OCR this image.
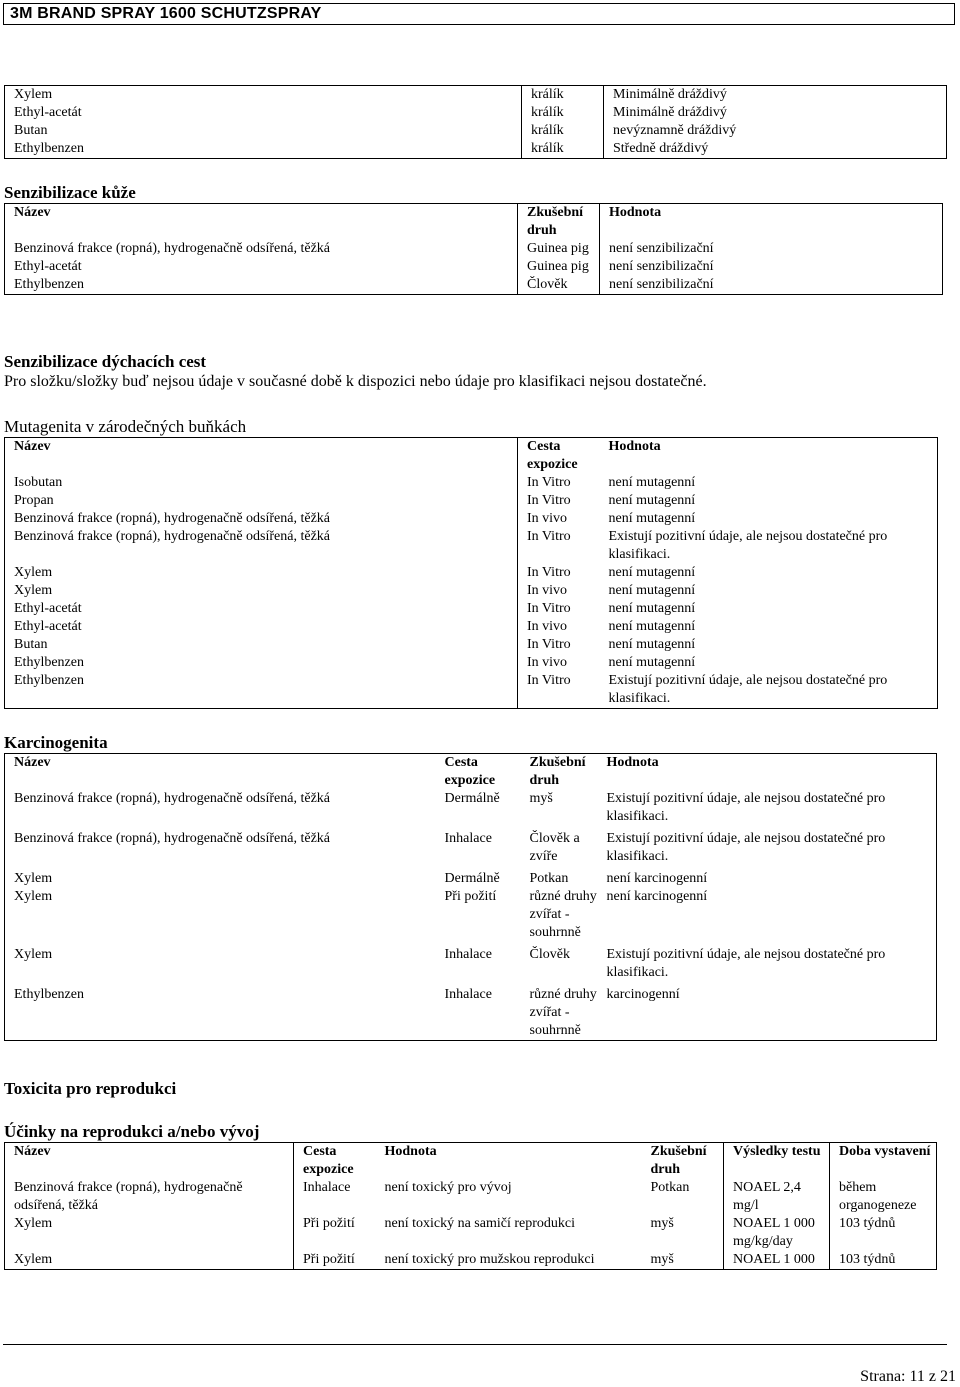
3M BRAND SPRAY 1600 SCHUTZSPRAY
Xylem	králík	Minimálně dráždivý
Ethyl-acetát	králík	Minimálně dráždivý
Butan	králík	nevýznamně dráždivý
Ethylbenzen	králík	Středně dráždivý
Senzibilizace kůže
Název	Zkušební druh	Hodnota
Benzinová frakce (ropná), hydrogenačně odsířená, těžká	Guinea pig	není senzibilizační
Ethyl-acetát	Guinea pig	není senzibilizační
Ethylbenzen	Člověk	není senzibilizační
Senzibilizace dýchacích cest
Pro složku/složky buď nejsou údaje v současné době k dispozici nebo údaje pro klasifikaci nejsou dostatečné.
Mutagenita v zárodečných buňkách
Název	Cesta expozice	Hodnota
Isobutan	In Vitro	není mutagenní
Propan	In Vitro	není mutagenní
Benzinová frakce (ropná), hydrogenačně odsířená, těžká	In vivo	není mutagenní
Benzinová frakce (ropná), hydrogenačně odsířená, těžká	In Vitro	Existují pozitivní údaje, ale nejsou dostatečné pro klasifikaci.
Xylem	In Vitro	není mutagenní
Xylem	In vivo	není mutagenní
Ethyl-acetát	In Vitro	není mutagenní
Ethyl-acetát	In vivo	není mutagenní
Butan	In Vitro	není mutagenní
Ethylbenzen	In vivo	není mutagenní
Ethylbenzen	In Vitro	Existují pozitivní údaje, ale nejsou dostatečné pro klasifikaci.
Karcinogenita
Název	Cesta expozice	Zkušební druh	Hodnota
Benzinová frakce (ropná), hydrogenačně odsířená, těžká	Dermálně	myš	Existují pozitivní údaje, ale nejsou dostatečné pro klasifikaci.
Benzinová frakce (ropná), hydrogenačně odsířená, těžká	Inhalace	Člověk a zvíře	Existují pozitivní údaje, ale nejsou dostatečné pro klasifikaci.
Xylem	Dermálně	Potkan	není karcinogenní
Xylem	Při požití	různé druhy zvířat - souhrnně	není karcinogenní
Xylem	Inhalace	Člověk	Existují pozitivní údaje, ale nejsou dostatečné pro klasifikaci.
Ethylbenzen	Inhalace	různé druhy zvířat - souhrnně	karcinogenní
Toxicita pro reprodukci
Účinky na reprodukci a/nebo vývoj
Název	Cesta expozice	Hodnota	Zkušební druh	Výsledky testu	Doba vystavení
Benzinová frakce (ropná), hydrogenačně odsířená, těžká	Inhalace	není toxický pro vývoj	Potkan	NOAEL 2,4 mg/l	během organogeneze
Xylem	Při požití	není toxický na samičí reprodukci	myš	NOAEL 1 000 mg/kg/day	103 týdnů
Xylem	Při požití	není toxický pro mužskou reprodukci	myš	NOAEL 1 000	103 týdnů
Strana: 11 z 21
